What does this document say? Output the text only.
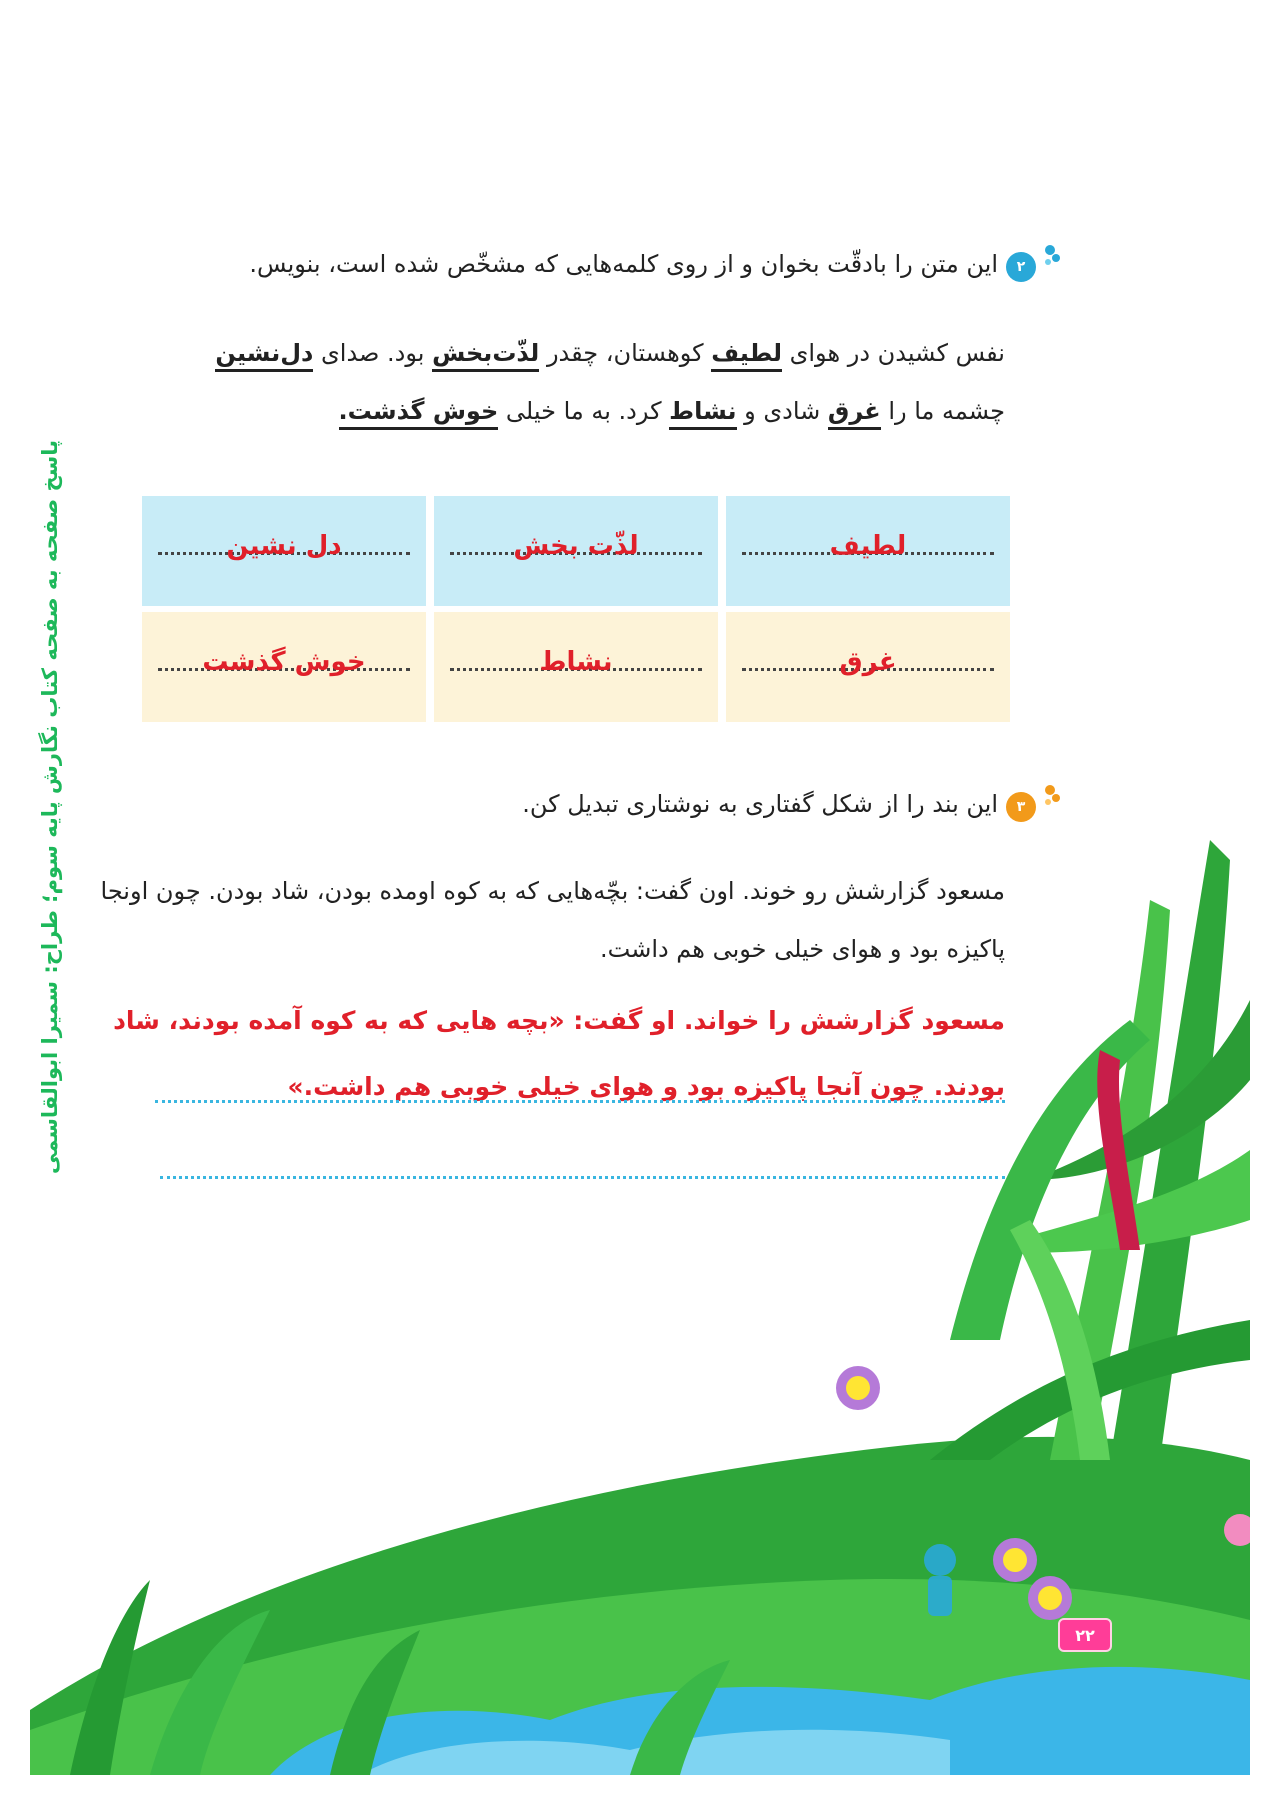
پاسخ صفحه به صفحه کتاب نگارش پایه سوم؛ طراح: سمیرا ابوالقاسمی
۲
این متن را بادقّت بخوان و از روی کلمه‌هایی که مشخّص شده است، بنویس.
نفس کشیدن در هوای لطیف کوهستان، چقدر لذّت‌بخش بود. صدای دل‌نشین چشمه ما را غرق شادی و نشاط کرد. به ما خیلی خوش گذشت.
لطیف
لذّت بخش
دل نشین
غرق
نشاط
خوش گذشت
۳
این بند را از شکل گفتاری به نوشتاری تبدیل کن.
مسعود گزارشش رو خوند. اون گفت: بچّه‌هایی که به کوه اومده بودن، شاد بودن. چون اونجا
پاکیزه بود و هوای خیلی خوبی هم داشت.
مسعود گزارشش را خواند. او گفت: «بچه هایی که به کوه آمده بودند، شاد
بودند. چون آنجا پاکیزه بود و هوای خیلی خوبی هم داشت.»
۲۲
